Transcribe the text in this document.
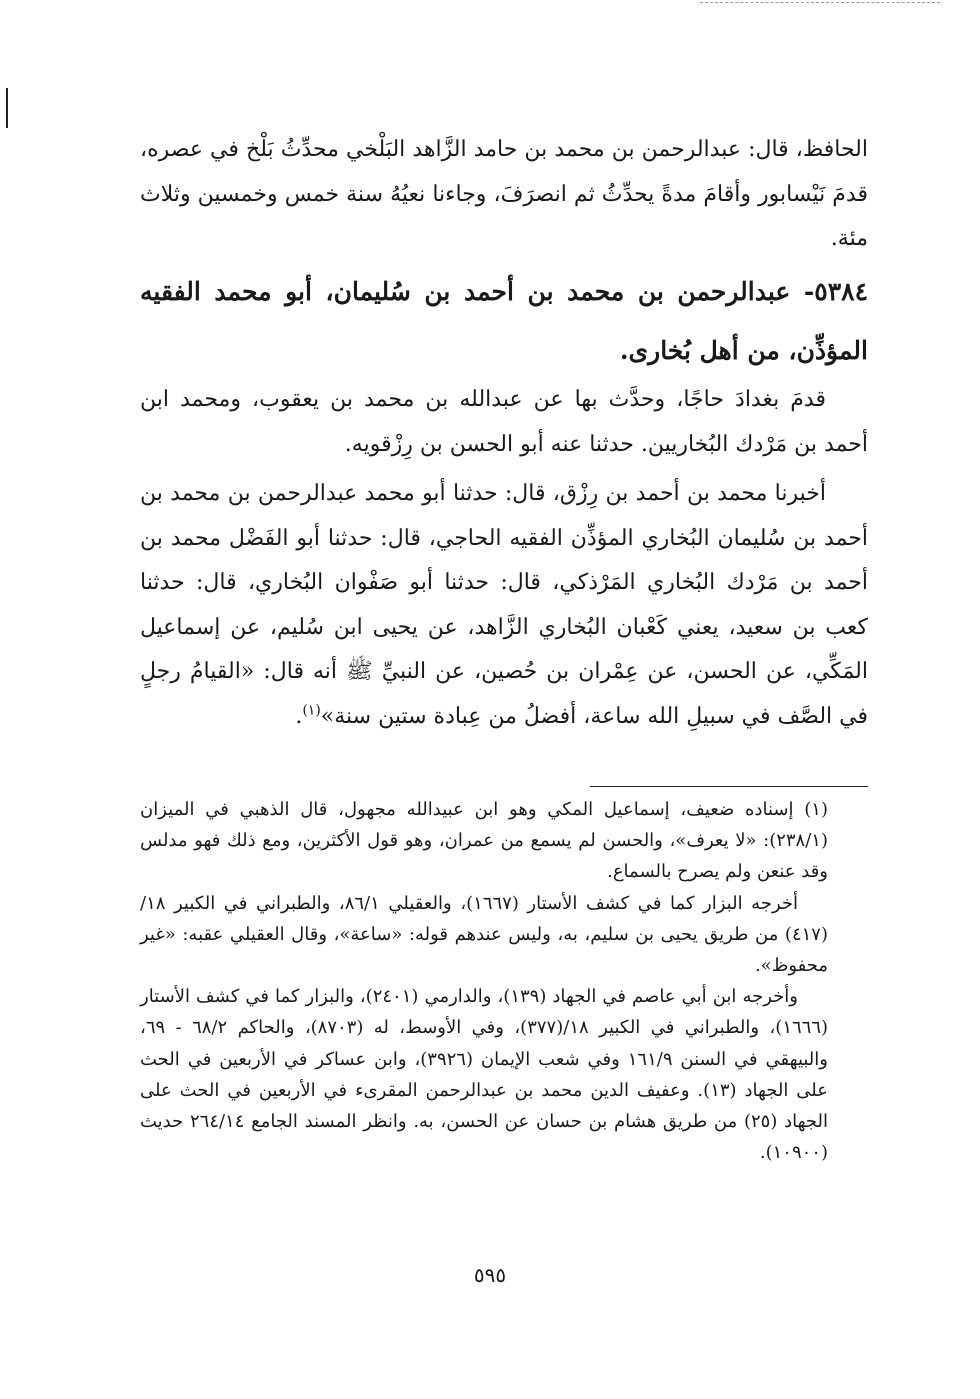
الحافظ، قال: عبدالرحمن بن محمد بن حامد الزَّاهد البَلْخي محدِّثُ بَلْخ في عصره، قدمَ نَيْسابور وأقامَ مدةً يحدِّثُ ثم انصرَفَ، وجاءنا نعيُهُ سنة خمس وخمسين وثلاث مئة.

٥٣٨٤- عبدالرحمن بن محمد بن أحمد بن سُليمان، أبو محمد الفقيه المؤذِّن، من أهل بُخارى.

قدمَ بغدادَ حاجًا، وحدَّث بها عن عبدالله بن محمد بن يعقوب، ومحمد ابن أحمد بن مَرْدك البُخاريين. حدثنا عنه أبو الحسن بن رِزْقويه.

أخبرنا محمد بن أحمد بن رِزْق، قال: حدثنا أبو محمد عبدالرحمن بن محمد بن أحمد بن سُليمان البُخاري المؤذِّن الفقيه الحاجي، قال: حدثنا أبو الفَضْل محمد بن أحمد بن مَرْدك البُخاري المَرْذكي، قال: حدثنا أبو صَفْوان البُخاري، قال: حدثنا كعب بن سعيد، يعني كَعْبان البُخاري الزَّاهد، عن يحيى ابن سُليم، عن إسماعيل المَكِّي، عن الحسن، عن عِمْران بن حُصين، عن النبيِّ ﷺ أنه قال: «القيامُ رجلٍ في الصَّف في سبيلِ الله ساعة، أفضلُ من عِبادة ستين سنة»$^{(١)}$.

(١) إسناده ضعيف، إسماعيل المكي وهو ابن عبيدالله مجهول، قال الذهبي في الميزان (٢٣٨/١): «لا يعرف»، والحسن لم يسمع من عمران، وهو قول الأكثرين، ومع ذلك فهو مدلس وقد عنعن ولم يصرح بالسماع.

أخرجه البزار كما في كشف الأستار (١٦٦٧)، والعقيلي ٨٦/١، والطبراني في الكبير ١٨/ (٤١٧) من طريق يحيى بن سليم، به، وليس عندهم قوله: «ساعة»، وقال العقيلي عقبه: «غير محفوظ».

وأخرجه ابن أبي عاصم في الجهاد (١٣٩)، والدارمي (٢٤٠١)، والبزار كما في كشف الأستار (١٦٦٦)، والطبراني في الكبير ١٨/(٣٧٧)، وفي الأوسط، له (٨٧٠٣)، والحاكم ٦٨/٢ - ٦٩، والبيهقي في السنن ١٦١/٩ وفي شعب الإيمان (٣٩٢٦)، وابن عساكر في الأربعين في الحث على الجهاد (١٣). وعفيف الدين محمد بن عبدالرحمن المقرىء في الأربعين في الحث على الجهاد (٢٥) من طريق هشام بن حسان عن الحسن، به. وانظر المسند الجامع ٢٦٤/١٤ حديث (١٠٩٠٠).

٥٩٥
